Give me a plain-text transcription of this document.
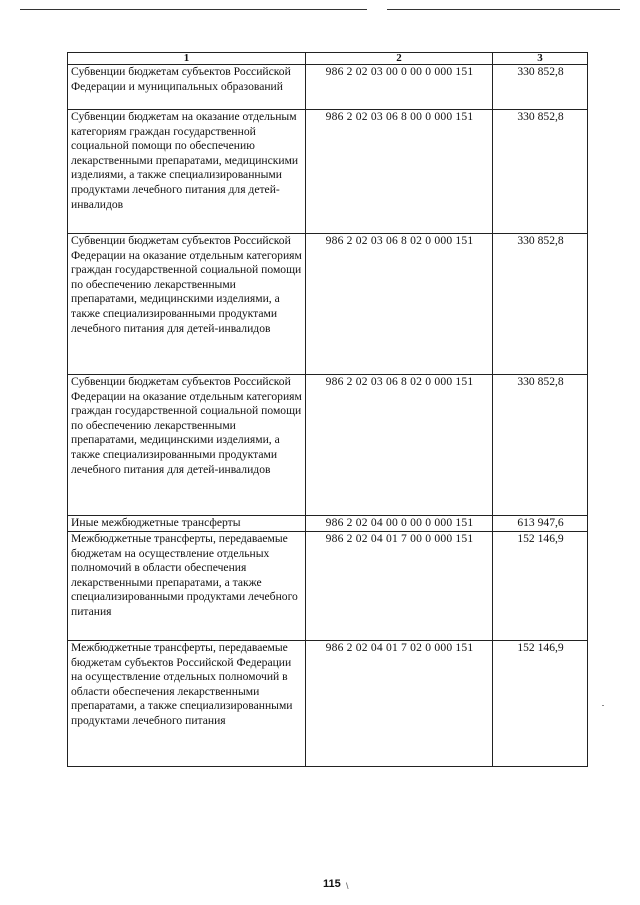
1	2	3
Субвенции бюджетам субъектов Российской Федерации и муниципальных образований	986 2 02 03 00 0 00 0 000 151	330 852,8
Субвенции бюджетам на оказание отдельным категориям граждан государственной социальной помощи по обеспечению лекарственными препаратами, медицинскими изделиями, а также специализированными продуктами лечебного питания для детей-инвалидов	986 2 02 03 06 8 00 0 000 151	330 852,8
Субвенции бюджетам субъектов Российской Федерации на оказание отдельным категориям граждан государственной социальной помощи по обеспечению лекарственными препаратами, медицинскими изделиями, а также специализированными продуктами лечебного питания для детей-инвалидов	986 2 02 03 06 8 02 0 000 151	330 852,8
Субвенции бюджетам субъектов Российской Федерации на оказание отдельным категориям граждан государственной социальной помощи по обеспечению лекарственными препаратами, медицинскими изделиями, а также специализированными продуктами лечебного питания для детей-инвалидов	986 2 02 03 06 8 02 0 000 151	330 852,8
Иные межбюджетные трансферты	986 2 02 04 00 0 00 0 000 151	613 947,6
Межбюджетные трансферты, передаваемые бюджетам на осуществление отдельных полномочий в области обеспечения лекарственными препаратами, а также специализированными продуктами лечебного питания	986 2 02 04 01 7 00 0 000 151	152 146,9
Межбюджетные трансферты, передаваемые бюджетам субъектов Российской Федерации на осуществление отдельных полномочий в области обеспечения лекарственными препаратами, а также специализированными продуктами лечебного питания	986 2 02 04 01 7 02 0 000 151	152 146,9
115 \
